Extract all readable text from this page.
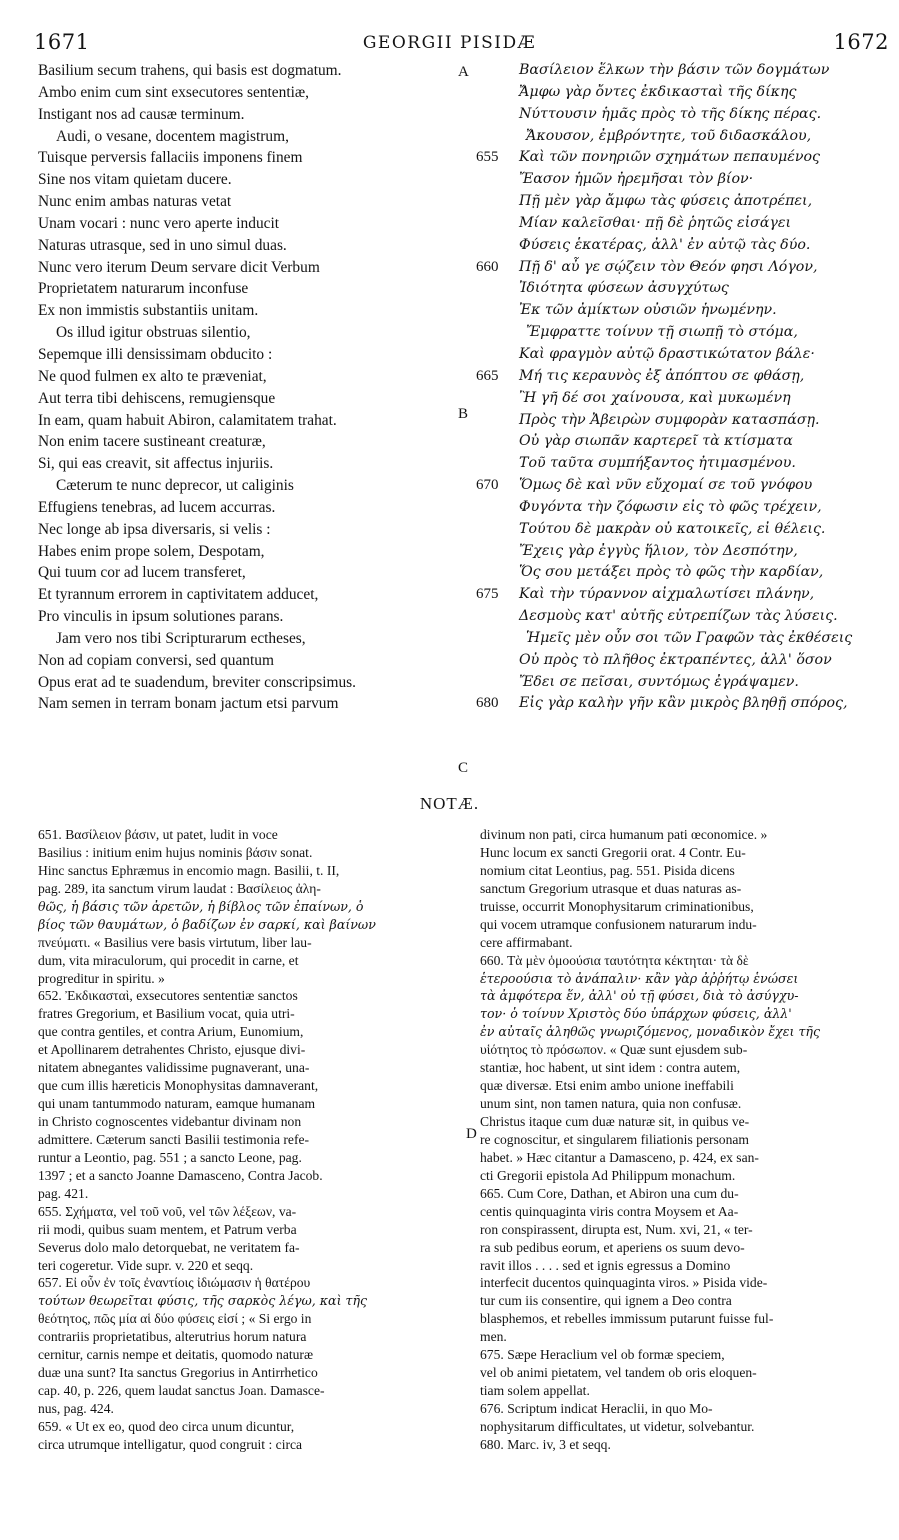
1671	GEORGII PISIDÆ	1672
Basilium secum trahens, qui basis est dogmatum.
Ambo enim cum sint exsecutores sententiæ,
Instigant nos ad causæ terminum.
Audi, o vesane, docentem magistrum,
Tuisque perversis fallaciis imponens finem
Sine nos vitam quietam ducere.
Nunc enim ambas naturas vetat
Unam vocari : nunc vero aperte inducit
Naturas utrasque, sed in uno simul duas.
Nunc vero iterum Deum servare dicit Verbum
Proprietatem naturarum inconfuse
Ex non immistis substantiis unitam.
Os illud igitur obstruas silentio,
Sepemque illi densissimam obducito :
Ne quod fulmen ex alto te præveniat,
Aut terra tibi dehiscens, remugiensque
In eam, quam habuit Abiron, calamitatem trahat.
Non enim tacere sustineant creaturæ,
Si, qui eas creavit, sit affectus injuriis.
Cæterum te nunc deprecor, ut caliginis
Effugiens tenebras, ad lucem accurras.
Nec longe ab ipsa diversaris, si velis :
Habes enim prope solem, Despotam,
Qui tuum cor ad lucem transferet,
Et tyrannum errorem in captivitatem adducet,
Pro vinculis in ipsum solutiones parans.
Jam vero nos tibi Scripturarum ectheses,
Non ad copiam conversi, sed quantum
Opus erat ad te suadendum, breviter conscripsimus.
Nam semen in terram bonam jactum etsi parvum
Βασίλειον ἕλκων τὴν βάσιν τῶν δογμάτων
Ἄμφω γὰρ ὄντες ἐκδικασταὶ τῆς δίκης
Νύττουσιν ἡμᾶς πρὸς τὸ τῆς δίκης πέρας.
Ἄκουσον, ἐμβρόντητε, τοῦ διδασκάλου,
655 Καὶ τῶν πονηριῶν σχημάτων πεπαυμένος
Ἔασον ἡμῶν ἠρεμῆσαι τὸν βίον·
Πῇ μὲν γὰρ ἄμφω τὰς φύσεις ἀποτρέπει,
Μίαν καλεῖσθαι· πῇ δὲ ῥητῶς εἰσάγει
Φύσεις ἑκατέρας, ἀλλ' ἐν αὐτῷ τὰς δύο.
660 Πῇ δ' αὖ γε σῴζειν τὸν Θεόν φησι Λόγον,
Ἰδιότητα φύσεων ἀσυγχύτως
Ἐκ τῶν ἀμίκτων οὐσιῶν ἡνωμένην.
Ἔμφραττε τοίνυν τῇ σιωπῇ τὸ στόμα,
Καὶ φραγμὸν αὐτῷ δραστικώτατον βάλε·
665 Μή τις κεραυνὸς ἐξ ἀπόπτου σε φθάσῃ,
Ἢ γῆ δέ σοι χαίνουσα, καὶ μυκωμένη
Πρὸς τὴν Ἀβειρὼν συμφορὰν κατασπάσῃ.
Οὐ γὰρ σιωπᾶν καρτερεῖ τὰ κτίσματα
Τοῦ ταῦτα συμπήξαντος ἠτιμασμένου.
670 Ὅμως δὲ καὶ νῦν εὔχομαί σε τοῦ γνόφου
Φυγόντα τὴν ζόφωσιν εἰς τὸ φῶς τρέχειν,
Τούτου δὲ μακρὰν οὐ κατοικεῖς, εἰ θέλεις.
Ἔχεις γὰρ ἐγγὺς ἥλιον, τὸν Δεσπότην,
Ὅς σου μετάξει πρὸς τὸ φῶς τὴν καρδίαν,
675 Καὶ τὴν τύραννον αἰχμαλωτίσει πλάνην,
Δεσμοὺς κατ' αὐτῆς εὐτρεπίζων τὰς λύσεις.
Ἡμεῖς μὲν οὖν σοι τῶν Γραφῶν τὰς ἐκθέσεις
Οὐ πρὸς τὸ πλῆθος ἐκτραπέντες, ἀλλ' ὅσον
Ἔδει σε πεῖσαι, συντόμως ἐγράψαμεν.
680 Εἰς γὰρ καλὴν γῆν κἂν μικρὸς βληθῇ σπόρος,
A
B
C
D
NOTÆ.
651. Βασίλειον βάσιν, ut patet, ludit in voce
Basilius : initium enim hujus nominis βάσιν sonat.
Hinc sanctus Ephræmus in encomio magn. Basilii, t. II,
pag. 289, ita sanctum virum laudat : Βασίλειος ἀλη-
θῶς, ἡ βάσις τῶν ἀρετῶν, ἡ βίβλος τῶν ἐπαίνων, ὁ
βίος τῶν θαυμάτων, ὁ βαδίζων ἐν σαρκί, καὶ βαίνων
πνεύματι. « Basilius vere basis virtutum, liber lau-
dum, vita miraculorum, qui procedit in carne, et
progreditur in spiritu. »
652. Ἐκδικασταὶ, exsecutores sententiæ sanctos
fratres Gregorium, et Basilium vocat, quia utri-
que contra gentiles, et contra Arium, Eunomium,
et Apollinarem detrahentes Christo, ejusque divi-
nitatem abnegantes validissime pugnaverant, una-
que cum illis hæreticis Monophysitas damnaverant,
qui unam tantummodo naturam, eamque humanam
in Christo cognoscentes videbantur divinam non
admittere. Cæterum sancti Basilii testimonia refe-
runtur a Leontio, pag. 551 ; a sancto Leone, pag.
1397 ; et a sancto Joanne Damasceno, Contra Jacob.
pag. 421.
655. Σχήματα, vel τοῦ νοῦ, vel τῶν λέξεων, va-
rii modi, quibus suam mentem, et Patrum verba
Severus dolo malo detorquebat, ne veritatem fa-
teri cogeretur. Vide supr. v. 220 et seqq.
657. Εἰ οὖν ἐν τοῖς ἐναντίοις ἰδιώμασιν ἡ θατέρου
τούτων θεωρεῖται φύσις, τῆς σαρκὸς λέγω, καὶ τῆς
θεότητος, πῶς μία αἱ δύο φύσεις εἰσί ; « Si ergo in
contrariis proprietatibus, alterutrius horum natura
cernitur, carnis nempe et deitatis, quomodo naturæ
duæ una sunt? Ita sanctus Gregorius in Antirrhetico
cap. 40, p. 226, quem laudat sanctus Joan. Damasce-
nus, pag. 424.
659. « Ut ex eo, quod deo circa unum dicuntur,
circa utrumque intelligatur, quod congruit : circa
divinum non pati, circa humanum pati œconomice. »
Hunc locum ex sancti Gregorii orat. 4 Contr. Eu-
nomium citat Leontius, pag. 551. Pisida dicens
sanctum Gregorium utrasque et duas naturas as-
truisse, occurrit Monophysitarum criminationibus,
qui vocem utramque confusionem naturarum indu-
cere affirmabant.
660. Τὰ μὲν ὁμοούσια ταυτότητα κέκτηται· τὰ δὲ
ἑτεροούσια τὸ ἀνάπαλιν· κἂν γὰρ ἀῤῥήτῳ ἑνώσει
τὰ ἀμφότερα ἕν, ἀλλ' οὐ τῇ φύσει, διὰ τὸ ἀσύγχυ-
τον· ὁ τοίνυν Χριστὸς δύο ὑπάρχων φύσεις, ἀλλ'
ἐν αὐταῖς ἀληθῶς γνωριζόμενος, μοναδικὸν ἔχει τῆς
υἱότητος τὸ πρόσωπον. « Quæ sunt ejusdem sub-
stantiæ, hoc habent, ut sint idem : contra autem,
quæ diversæ. Etsi enim ambo unione ineffabili
unum sint, non tamen natura, quia non confusæ.
Christus itaque cum duæ naturæ sit, in quibus ve-
re cognoscitur, et singularem filiationis personam
habet. » Hæc citantur a Damasceno, p. 424, ex san-
cti Gregorii epistola Ad Philippum monachum.
665. Cum Core, Dathan, et Abiron una cum du-
centis quinquaginta viris contra Moysem et Aa-
ron conspirassent, dirupta est, Num. xvi, 21, « ter-
ra sub pedibus eorum, et aperiens os suum devo-
ravit illos . . . . sed et ignis egressus a Domino
interfecit ducentos quinquaginta viros. » Pisida vide-
tur cum iis consentire, qui ignem a Deo contra
blasphemos, et rebelles immissum putarunt fuisse ful-
men.
675. Sæpe Heraclium vel ob formæ speciem,
vel ob animi pietatem, vel tandem ob oris eloquen-
tiam solem appellat.
676. Scriptum indicat Heraclii, in quo Mo-
nophysitarum difficultates, ut videtur, solvebantur.
680. Marc. iv, 3 et seqq.
